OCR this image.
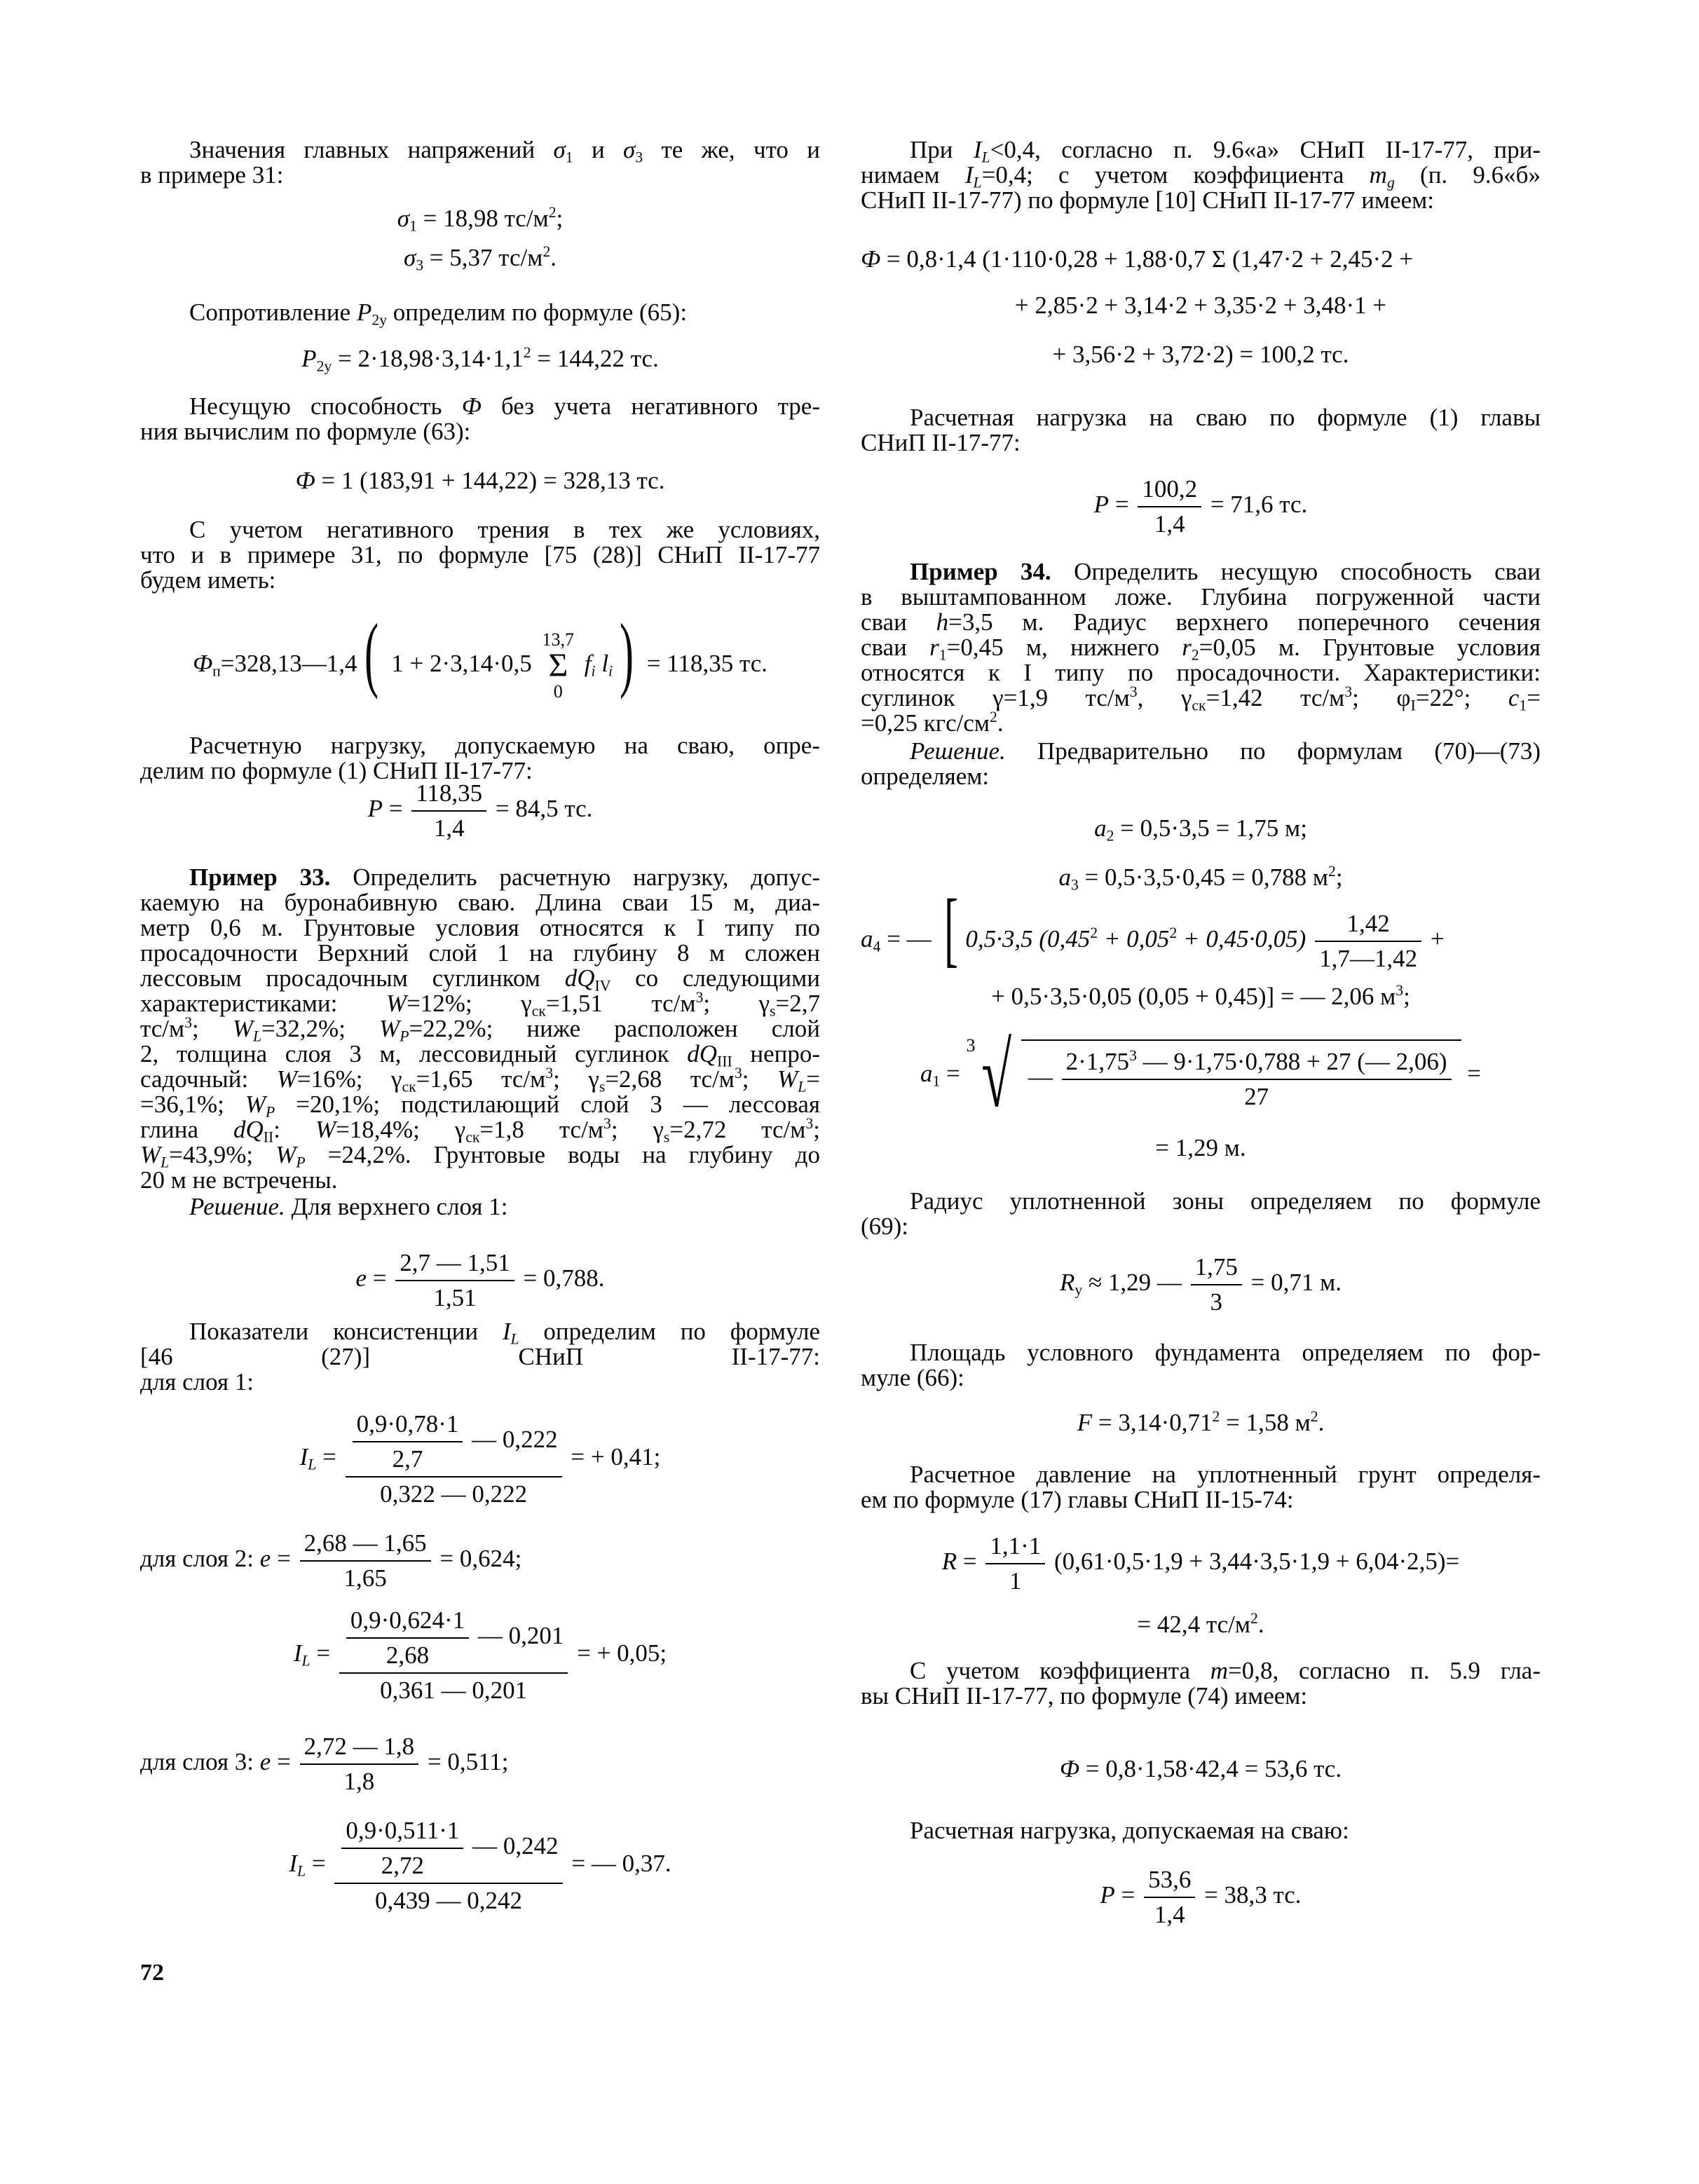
Значения главных напряжений $\sigma_1$ и $\sigma_3$ те же, что и
в примере 31:
$\sigma_1 = 18,98$ $тс/м^2$;
$\sigma_3 = 5,37$ $тс/м^2$.
Сопротивление $P_{2у}$ определим по формуле (65):
$P_{2у} = 2\cdot 18,98\cdot 3,14\cdot 1,1^2 = 144,22$ тс.
Несущую способность Ф без учета негативного тре-
ния вычислим по формуле (63):
Ф = 1 (183,91 + 144,22) = 328,13 тс.
С учетом негативного трения в тех же условиях,
что и в примере 31, по формуле [75 (28)] СНиП II-17-77
будем иметь:
$Ф_п=328,13—1,4$( 1 + 2·3,14·0,5
13,7
Σ
0
fi li) = 118,35 тс.
Расчетную нагрузку, допускаемую на сваю, опре-
делим по формуле (1) СНиП II-17-77:
$P = \frac{118,35}{1,4} = 84,5$ тс.
Пример 33. Определить расчетную нагрузку, допус-
каемую на буронабивную сваю. Длина сваи 15 м, диа-
метр 0,6 м. Грунтовые условия относятся к I типу по
просадочности Верхний слой 1 на глубину 8 м сложен
лессовым просадочным суглинком $dQ_{IV}$ со следующими
характеристиками: W=12%; $\gamma_{ск}=1,51$ $тс/м^3$; $\gamma_s=2,7$
$тс/м^3$; WL=32,2%; WP=22,2%; ниже расположен слой
2, толщина слоя 3 м, лессовидный суглинок $dQ_{III}$ непро-
садочный: W=16%; $\gamma_{ск}=1,65$ $тс/м^3$; $\gamma_s=2,68$ $тс/м^3$; WL=
=36,1%; WP =20,1%; подстилающий слой 3 — лессовая
глина $dQ_{II}$: W=18,4%; $\gamma_{ск}=1,8$ $тс/м^3$; $\gamma_s=2,72$ $тс/м^3$;
WL=43,9%; WP =24,2%. Грунтовые воды на глубину до
20 м не встречены.
Решение. Для верхнего слоя 1:
$e = \frac{2,7 — 1,51}{1,51} = 0,788$.
Показатели консистенции IL определим по формуле
[46 (27)] СНиП II-17-77:
для слоя 1:
IL = $\frac{\frac{0,9\cdot 0,78\cdot 1}{2,7} — 0,222}{0,322 — 0,222}$ = + 0,41;
для слоя 2: $e = \frac{2,68 — 1,65}{1,65} = 0,624$;
IL = $\frac{\frac{0,9\cdot 0,624\cdot 1}{2,68} — 0,201}{0,361 — 0,201}$ = + 0,05;
для слоя 3: $e = \frac{2,72 — 1,8}{1,8} = 0,511$;
IL = $\frac{\frac{0,9\cdot 0,511\cdot 1}{2,72} — 0,242}{0,439 — 0,242}$ = — 0,37.
72
При IL<0,4, согласно п. 9.6«а» СНиП II-17-77, при-
нимаем IL=0,4; с учетом коэффициента mg (п. 9.6«б»
СНиП II-17-77) по формуле [10] СНиП II-17-77 имеем:
Ф = 0,8·1,4 (1·110·0,28 + 1,88·0,7 Σ (1,47·2 + 2,45·2 +
+ 2,85·2 + 3,14·2 + 3,35·2 + 3,48·1 +
+ 3,56·2 + 3,72·2) = 100,2 тс.
Расчетная нагрузка на сваю по формуле (1) главы
СНиП II-17-77:
$P = \frac{100,2}{1,4} = 71,6$ тс.
Пример 34. Определить несущую способность сваи
в выштампованном ложе. Глубина погруженной части
сваи h=3,5 м. Радиус верхнего поперечного сечения
сваи $r_1=0,45$ м, нижнего $r_2=0,05$ м. Грунтовые условия
относятся к I типу по просадочности. Характеристики:
суглинок γ=1,9 $тс/м^3$, $\gamma_{ск}=1,42$ $тс/м^3$; $\varphi_I=22^\circ$; $c_1=$
=0,25 кгс/$см^2$.
Решение. Предварительно по формулам (70)—(73)
определяем:
$a_2 = 0,5\cdot 3,5 = 1,75$ м;
$a_3 = 0,5\cdot 3,5\cdot 0,45 = 0,788$ $м^2$;
$a_4$ = — [ 0,5·3,5 $(0,45^2 + 0,05^2 + 0,45\cdot 0,05) \frac{1,42}{1,7—1,42}$ +
+ 0,5·3,5·0,05 (0,05 + 0,45)] = — 2,06 $м^3$;
$a_1$ =
3 √ — $\frac{2\cdot 1,75^3 — 9\cdot 1,75\cdot 0,788 + 27 (— 2,06)}{27}$ =
= 1,29 м.
Радиус уплотненной зоны определяем по формуле
(69):
$R_у \approx 1,29$ — $\frac{1,75}{3} = 0,71$ м.
Площадь условного фундамента определяем по фор-
муле (66):
$F = 3,14\cdot 0,71^2 = 1,58$ $м^2$.
Расчетное давление на уплотненный грунт определя-
ем по формуле (17) главы СНиП II-15-74:
$R = \frac{1,1\cdot 1}{1} (0,61\cdot 0,5\cdot 1,9 + 3,44\cdot 3,5\cdot 1,9 + 6,04\cdot 2,5)=$
= 42,4 $тс/м^2$.
С учетом коэффициента m=0,8, согласно п. 5.9 гла-
вы СНиП II-17-77, по формуле (74) имеем:
Ф = 0,8·1,58·42,4 = 53,6 тс.
Расчетная нагрузка, допускаемая на сваю:
$P = \frac{53,6}{1,4} = 38,3$ тс.
